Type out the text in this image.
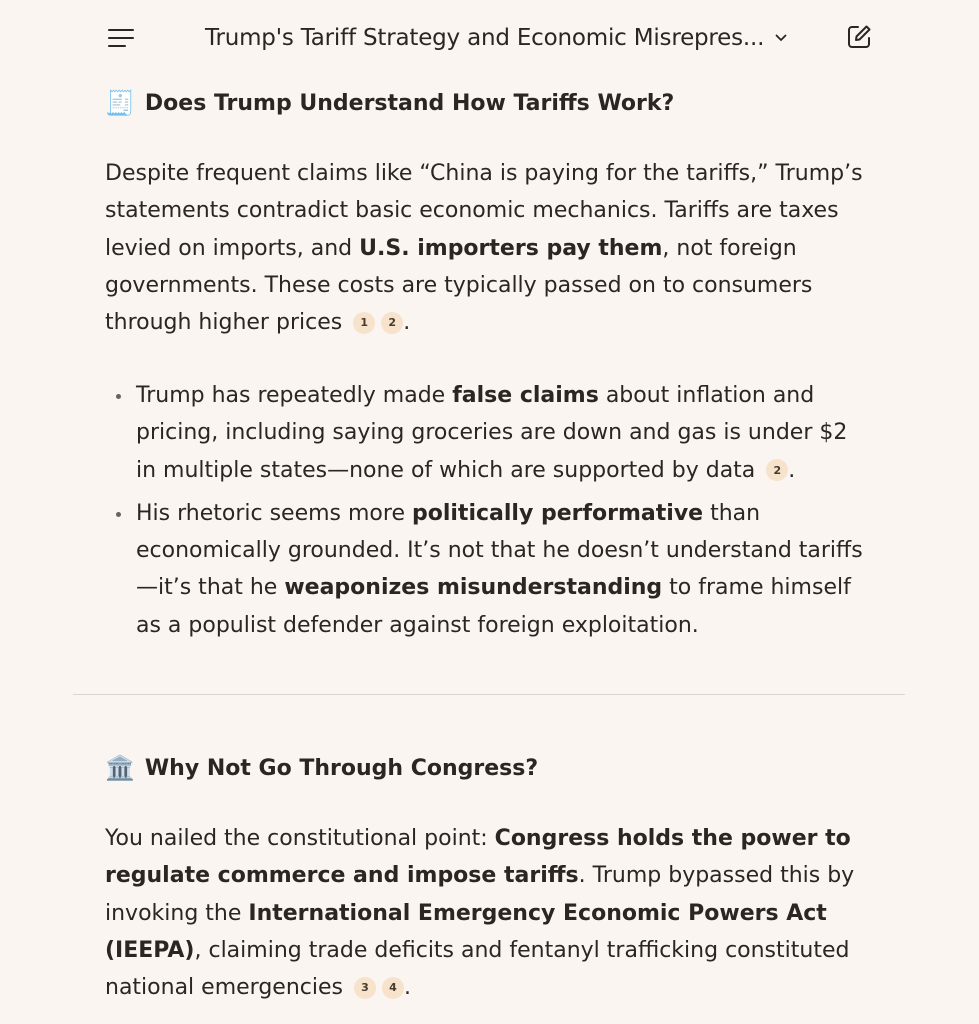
Trump's Tariff Strategy and Economic Misrepres...
🧾 Does Trump Understand How Tariffs Work?

Despite frequent claims like “China is paying for the tariffs,” Trump’s statements contradict basic economic mechanics. Tariffs are taxes levied on imports, and U.S. importers pay them, not foreign governments. These costs are typically passed on to consumers through higher prices 1 2 .

Trump has repeatedly made false claims about inflation and pricing, including saying groceries are down and gas is under $2 in multiple states—none of which are supported by data 2 .
His rhetoric seems more politically performative than economically grounded. It’s not that he doesn’t understand tariffs—it’s that he weaponizes misunderstanding to frame himself as a populist defender against foreign exploitation.
🏛️ Why Not Go Through Congress?

You nailed the constitutional point: Congress holds the power to regulate commerce and impose tariffs. Trump bypassed this by invoking the International Emergency Economic Powers Act (IEEPA), claiming trade deficits and fentanyl trafficking constituted national emergencies 3 4 .
